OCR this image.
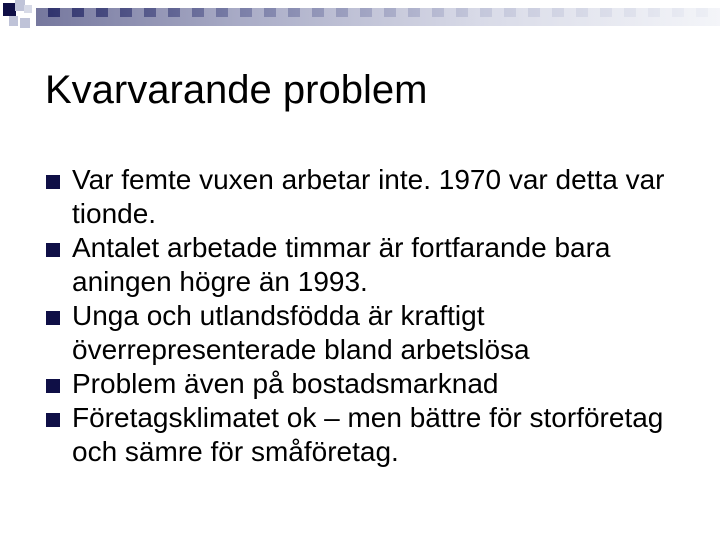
Kvarvarande problem
Var femte vuxen arbetar inte. 1970 var detta var tionde.
Antalet arbetade timmar är fortfarande bara aningen högre än 1993.
Unga och utlandsfödda är kraftigt överrepresenterade bland arbetslösa
Problem även på bostadsmarknad
Företagsklimatet ok – men bättre för storföretag och sämre för småföretag.
